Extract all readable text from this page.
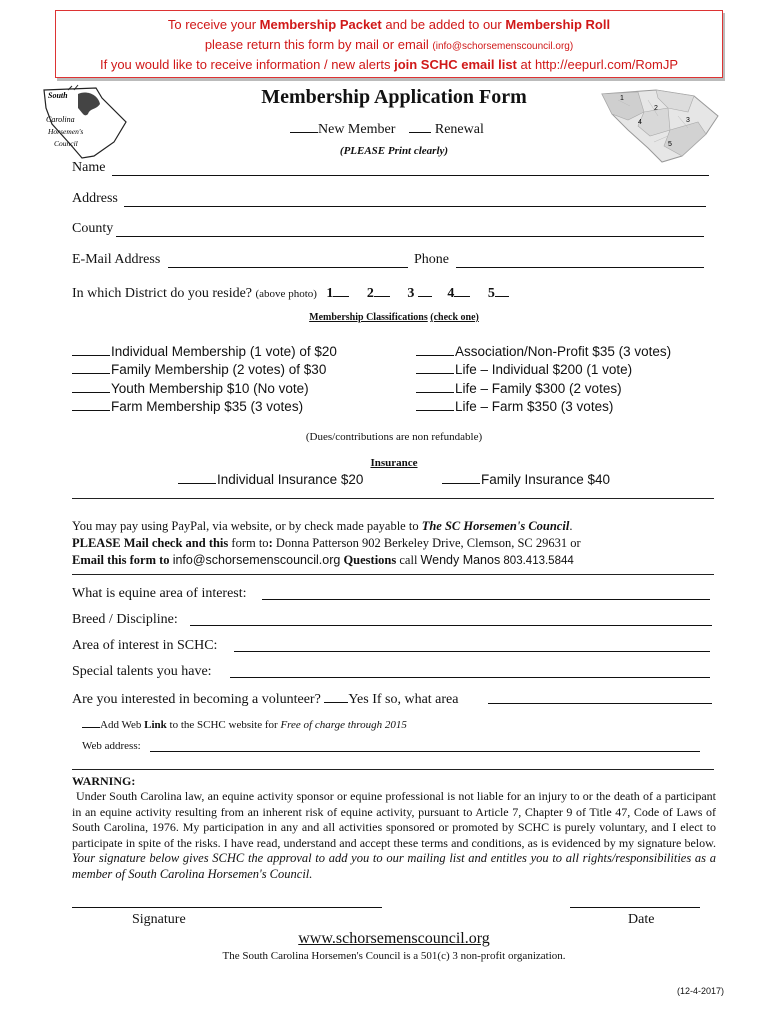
To receive your Membership Packet and be added to our Membership Roll
please return this form by mail or email (info@schorsemenscouncil.org)
If you would like to receive information / new alerts join SCHC email list at http://eepurl.com/RomJP
South
Carolina
Horsemen's
Council
1
2
3
4
5
Membership Application Form
New Member	Renewal
(PLEASE Print clearly)
Name
Address
County
E-Mail Address	Phone
In which District do you reside? (above photo) 1 2 3 4 5
Membership Classifications (check one)
Individual Membership (1 vote) of $20
Family Membership (2 votes) of $30
Youth Membership $10 (No vote)
Farm Membership $35 (3 votes)
Association/Non-Profit $35 (3 votes)
Life – Individual $200 (1 vote)
Life – Family $300 (2 votes)
Life – Farm $350 (3 votes)
(Dues/contributions are non refundable)
Insurance
Individual Insurance $20	Family Insurance $40
You may pay using PayPal, via website, or by check made payable to The SC Horsemen's Council.
PLEASE Mail check and this form to: Donna Patterson 902 Berkeley Drive, Clemson, SC 29631 or
Email this form to info@schorsemenscouncil.org Questions call Wendy Manos 803.413.5844
What is equine area of interest:
Breed / Discipline:
Area of interest in SCHC:
Special talents you have:
Are you interested in becoming a volunteer? Yes If so, what area
Add Web Link to the SCHC website for Free of charge through 2015
Web address:
WARNING:
Under South Carolina law, an equine activity sponsor or equine professional is not liable for an injury to or the death of a participant in an equine activity resulting from an inherent risk of equine activity, pursuant to Article 7, Chapter 9 of Title 47, Code of Laws of South Carolina, 1976. My participation in any and all activities sponsored or promoted by SCHC is purely voluntary, and I elect to participate in spite of the risks. I have read, understand and accept these terms and conditions, as is evidenced by my signature below. Your signature below gives SCHC the approval to add you to our mailing list and entitles you to all rights/responsibilities as a member of South Carolina Horsemen's Council.
Signature	Date
www.schorsemenscouncil.org
The South Carolina Horsemen's Council is a 501(c) 3 non-profit organization.
(12-4-2017)
